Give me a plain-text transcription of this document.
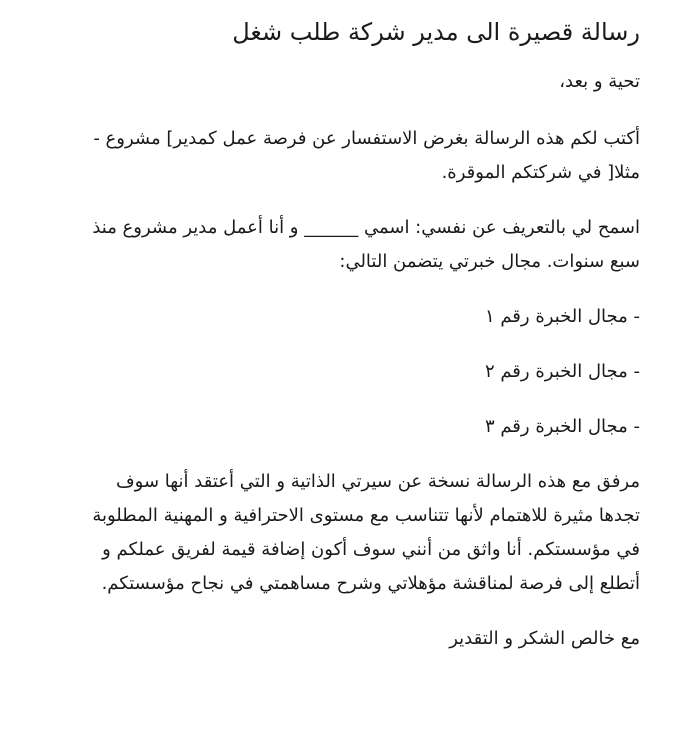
رسالة قصيرة الى مدير شركة طلب شغل

تحية و بعد،

أكتب لكم هذه الرسالة بغرض الاستفسار عن فرصة عمل كمدير] مشروع - مثلا[ في شركتكم الموقرة.

اسمح لي بالتعريف عن نفسي: اسمي ______ و أنا أعمل مدير مشروع منذ سبع سنوات. مجال خبرتي يتضمن التالي:

- مجال الخبرة رقم ١

- مجال الخبرة رقم ٢

- مجال الخبرة رقم ٣

مرفق مع هذه الرسالة نسخة عن سيرتي الذاتية و التي أعتقد أنها سوف تجدها مثيرة للاهتمام لأنها تتناسب مع مستوى الاحترافية و المهنية المطلوبة في مؤسستكم. أنا واثق من أنني سوف أكون إضافة قيمة لفريق عملكم و أتطلع إلى فرصة لمناقشة مؤهلاتي وشرح مساهمتي في نجاح مؤسستكم.

مع خالص الشكر و التقدير
